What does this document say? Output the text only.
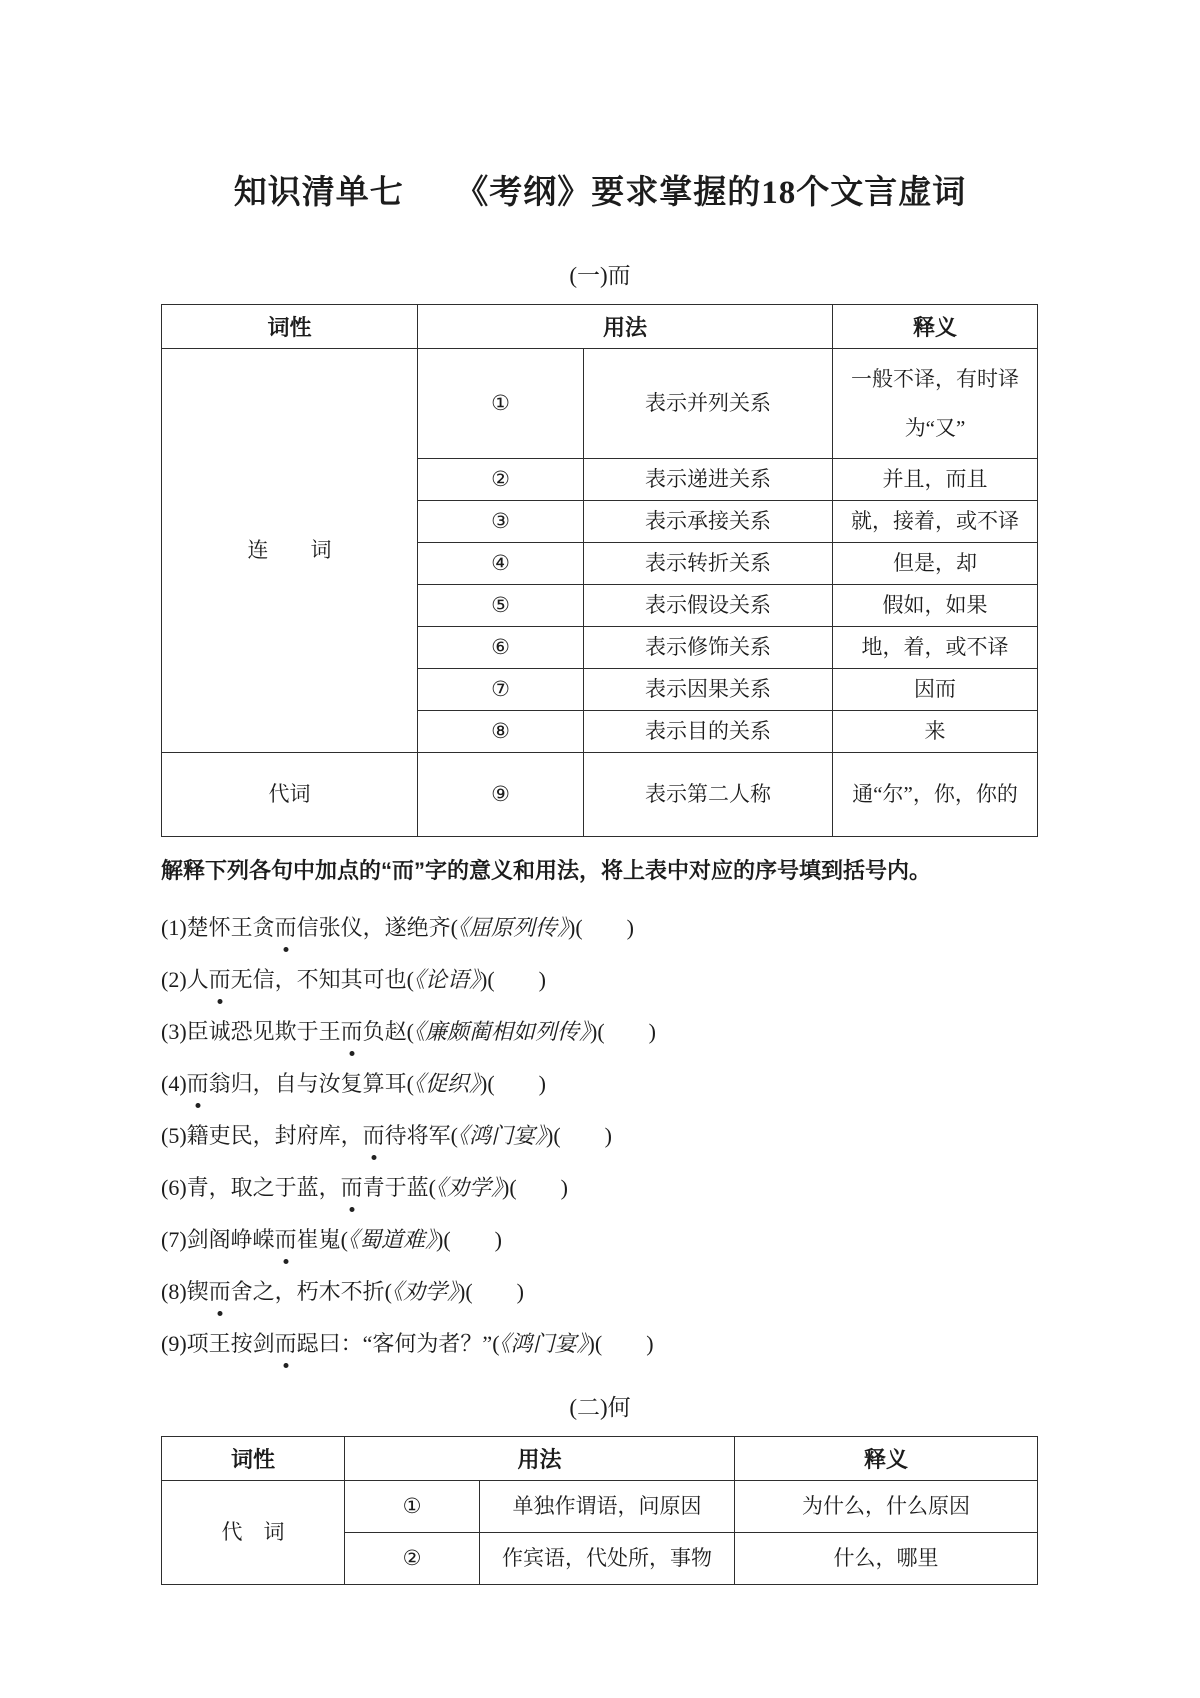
知识清单七　　《考纲》要求掌握的18个文言虚词
(一)而
词性	用法		释义
连　　词	①	表示并列关系	一般不译，有时译为“又”
	②	表示递进关系	并且，而且
	③	表示承接关系	就，接着，或不译
	④	表示转折关系	但是，却
	⑤	表示假设关系	假如，如果
	⑥	表示修饰关系	地，着，或不译
	⑦	表示因果关系	因而
	⑧	表示目的关系	来
代词	⑨	表示第二人称	通“尔”，你，你的
解释下列各句中加点的“而”字的意义和用法，将上表中对应的序号填到括号内。
(1)楚怀王贪而信张仪，遂绝齐(《屈原列传》)(　　)
(2)人而无信，不知其可也(《论语》)(　　)
(3)臣诚恐见欺于王而负赵(《廉颇蔺相如列传》)(　　)
(4)而翁归，自与汝复算耳(《促织》)(　　)
(5)籍吏民，封府库，而待将军(《鸿门宴》)(　　)
(6)青，取之于蓝，而青于蓝(《劝学》)(　　)
(7)剑阁峥嵘而崔嵬(《蜀道难》)(　　)
(8)锲而舍之，朽木不折(《劝学》)(　　)
(9)项王按剑而跽曰：“客何为者？”(《鸿门宴》)(　　)
(二)何
词性	用法		释义
代　词	①	单独作谓语，问原因	为什么，什么原因
	②	作宾语，代处所，事物	什么，哪里
